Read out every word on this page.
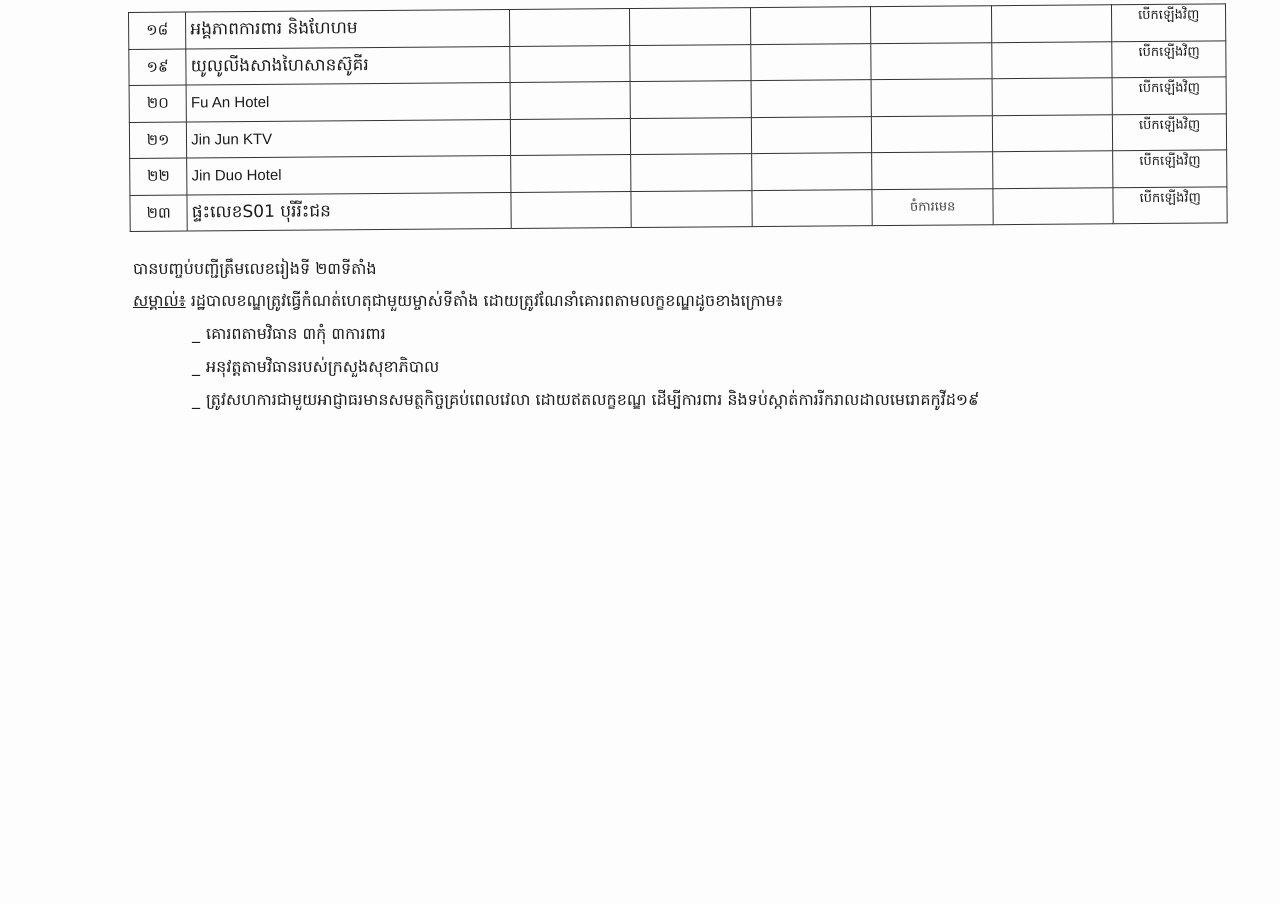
១៨	អង្គភាពការពារ និងហែហម						បើកឡើងវិញ
១៩	យូលូលីងសាងហៃសានស៊ូគីរ						បើកឡើងវិញ
២០	Fu An Hotel						បើកឡើងវិញ
២១	Jin Jun KTV						បើកឡើងវិញ
២២	Jin Duo Hotel						បើកឡើងវិញ
២៣	ផ្ទះលេខS01 បុរីរីះជន				ចំការមេន		បើកឡើងវិញ
បានបញ្ចប់បញ្ជីត្រឹមលេខរៀងទី ២៣ទីតាំង
សម្គាល់៖ រដ្ឋបាលខណ្ឌត្រូវធ្វើកំណត់ហេតុជាមួយម្ចាស់ទីតាំង ដោយត្រូវណែនាំគោរពតាមលក្ខខណ្ឌដូចខាងក្រោម៖
_ គោរពតាមវិធាន ៣កុំ ៣ការពារ
_ អនុវត្តតាមវិធានរបស់ក្រសួងសុខាភិបាល
_ ត្រូវសហការជាមួយអាជ្ញាធរមានសមត្ថកិច្ចគ្រប់ពេលវេលា ដោយឥតលក្ខខណ្ឌ ដើម្បីការពារ និងទប់ស្កាត់ការរីករាលដាលមេរោគកូវីដ១៩
